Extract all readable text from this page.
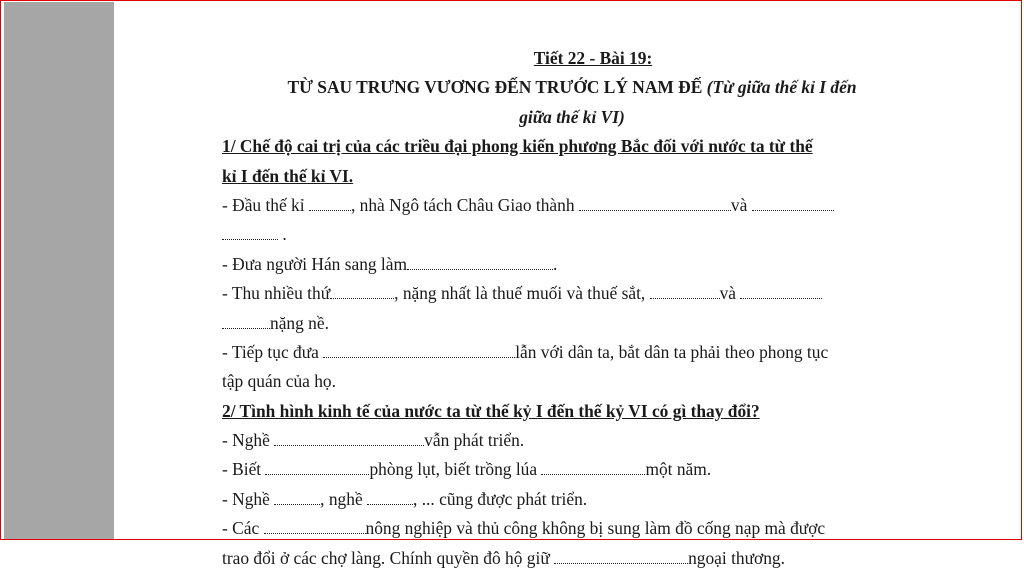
Tiết 22 - Bài 19:
TỪ SAU TRƯNG VƯƠNG ĐẾN TRƯỚC LÝ NAM ĐẾ (Từ giữa thế kỉ I đến
giữa thế kỉ VI)
1/ Chế độ cai trị của các triều đại phong kiến phương Bắc đối với nước ta từ thế
kỉ I đến thế kỉ VI.
- Đầu thế kỉ , nhà Ngô tách Châu Giao thành	và
.
- Đưa người Hán sang làm	.
- Thu nhiều thứ	, nặng nhất là thuế muối và thuế sắt,	và
nặng nề.
- Tiếp tục đưa	lẫn với dân ta, bắt dân ta phải theo phong tục
tập quán của họ.
2/ Tình hình kinh tế của nước ta từ thế kỷ I đến thế kỷ VI có gì thay đổi?
- Nghề	vẫn phát triển.
- Biết	phòng lụt, biết trồng lúa	một năm.
- Nghề	, nghề	, ... cũng được phát triển.
- Các	nông nghiệp và thủ công không bị sung làm đồ cống nạp mà được
trao đổi ở các chợ làng. Chính quyền đô hộ giữ	ngoại thương.
